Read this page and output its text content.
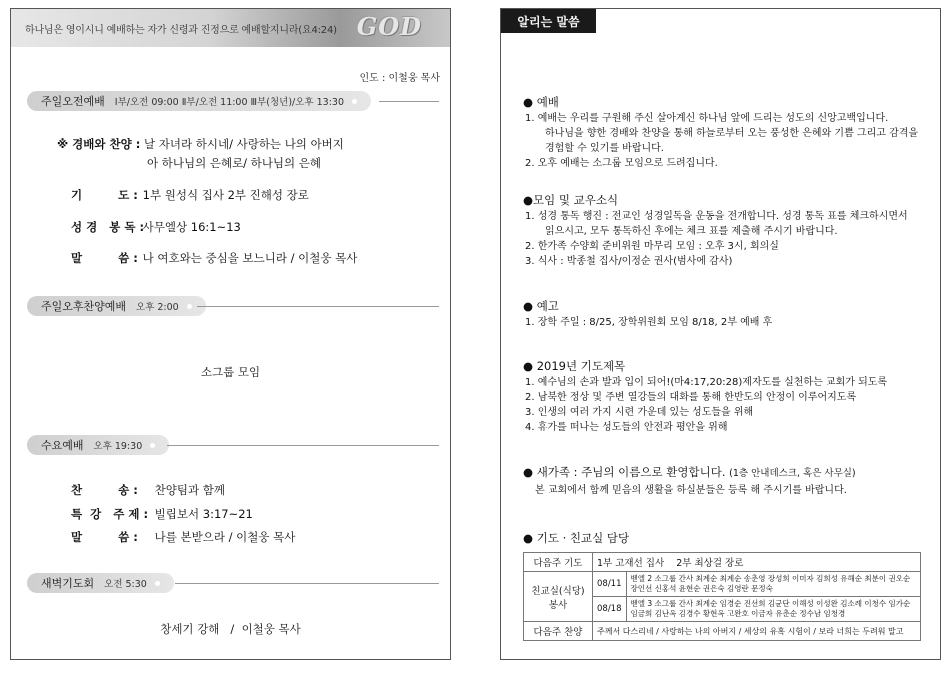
하나님은 영이시니 예배하는 자가 신령과 진정으로 예배할지니라(요4:24) GOD
인도 : 이철웅 목사
주일오전예배 Ⅰ부/오전 09:00 Ⅱ부/오전 11:00 Ⅲ부(청년)/오후 13:30
※ 경배와 찬양 : 날 자녀라 하시네/ 사랑하는 나의 아버지
아 하나님의 은혜로/ 하나님의 은혜
기         도 : 1부 원성식 집사 2부 진해성 장로
성 경   봉 독 : 사무엘상 16:1~13
말         씀 : 나 여호와는 중심을 보느니라 / 이철웅 목사
주일오후찬양예배 오후 2:00
소그룹 모임
수요예배 오후 19:30
찬         송 : 찬양팀과 함께
특  강   주 제 : 빌립보서 3:17~21
말         씀 : 나를 본받으라 / 이철웅 목사
새벽기도회 오전 5:30
창세기 강해   /  이철웅 목사
알리는 말씀
● 예배
1. 예배는 우리를 구원해 주신 살아계신 하나님 앞에 드리는 성도의 신앙고백입니다.
하나님을 향한 경배와 찬양을 통해 하늘로부터 오는 풍성한 은혜와 기쁨 그리고 감격을
경험할 수 있기를 바랍니다.
2. 오후 예배는 소그룹 모임으로 드려집니다.
●모임 및 교우소식
1. 성경 통독 행진 : 전교인 성경일독을 운동을 전개합니다. 성경 통독 표를 체크하시면서
읽으시고, 모두 통독하신 후에는 체크 표를 제출해 주시기 바랍니다.
2. 한가족 수양회 준비위원 마무리 모임 : 오후 3시, 회의실
3. 식사 : 박종철 집사/이정순 권사(범사에 감사)
● 예고
1. 장학 주일 : 8/25, 장학위원회 모임 8/18, 2부 예배 후
● 2019년 기도제목
1. 예수님의 손과 발과 입이 되어!(마4:17,20:28)제자도를 실천하는 교회가 되도록
2. 남북한 정상 및 주변 열강들의 대화를 통해 한반도의 안정이 이루어지도록
3. 인생의 여러 가지 시련 가운데 있는 성도들을 위해
4. 휴가를 떠나는 성도들의 안전과 평안을 위해
● 새가족 : 주님의 이름으로 환영합니다. (1층 안내데스크, 혹은 사무실)
본 교회에서 함께 믿음의 생활을 하실분들은 등록 해 주시기를 바랍니다.
● 기도 · 친교실 담당
다음주 기도	1부 고재선 집사    2부 최상걸 장로	
친교실(식당) 봉사	08/11	벧엘 2 소그룹 간사 최계순 최계순 송춘영 장성희 이미자 김희성 유해순 최분이 권오순 장인선 신홍석 윤현순 권은숙 김영란 문정숙
	08/18	벧엘 3 소그룹 간사 최계순 임경순 진선희 김균단 이해성 이성완 김소례 이청수 임가순 임금희 김난옥 김경수 황현옥 고완호 이금자 유춘순 정수남 임청경
다음주 찬양	주께서 다스리네 / 사랑하는 나의 아버지 / 세상의 유혹 시험이 / 보라 너희는 두려워 말고	
